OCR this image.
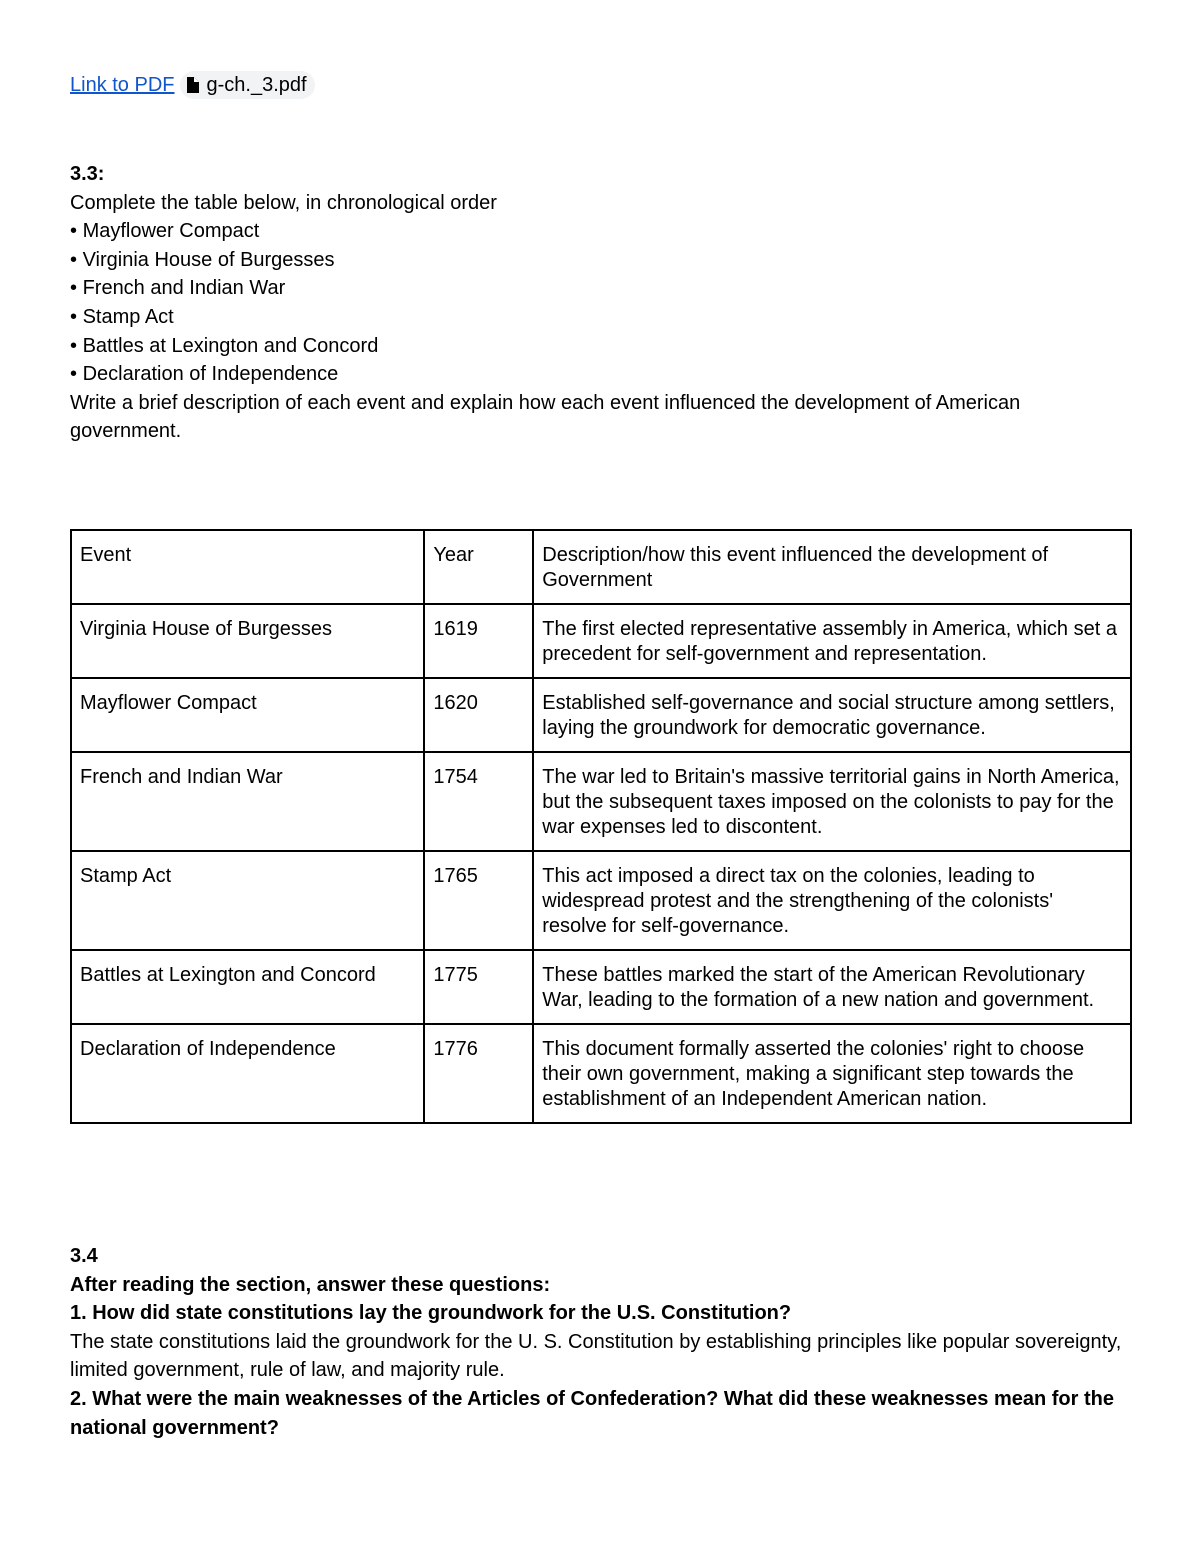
Link to PDF g-ch._3.pdf
3.3:
Complete the table below, in chronological order
• Mayflower Compact
• Virginia House of Burgesses
• French and Indian War
• Stamp Act
• Battles at Lexington and Concord
• Declaration of Independence
Write a brief description of each event and explain how each event influenced the development of American government.
Event	Year	Description/how this event influenced the development of Government
Virginia House of Burgesses	1619	The first elected representative assembly in America, which set a precedent for self-government and representation.
Mayflower Compact	1620	Established self-governance and social structure among settlers, laying the groundwork for democratic governance.
French and Indian War	1754	The war led to Britain's massive territorial gains in North America, but the subsequent taxes imposed on the colonists to pay for the war expenses led to discontent.
Stamp Act	1765	This act imposed a direct tax on the colonies, leading to widespread protest and the strengthening of the colonists' resolve for self-governance.
Battles at Lexington and Concord	1775	These battles marked the start of the American Revolutionary War, leading to the formation of a new nation and government.
Declaration of Independence	1776	This document formally asserted the colonies' right to choose their own government, making a significant step towards the establishment of an Independent American nation.
3.4
After reading the section, answer these questions:
1. How did state constitutions lay the groundwork for the U.S. Constitution?
The state constitutions laid the groundwork for the U. S. Constitution by establishing principles like popular sovereignty, limited government, rule of law, and majority rule.
2. What were the main weaknesses of the Articles of Confederation? What did these weaknesses mean for the national government?
